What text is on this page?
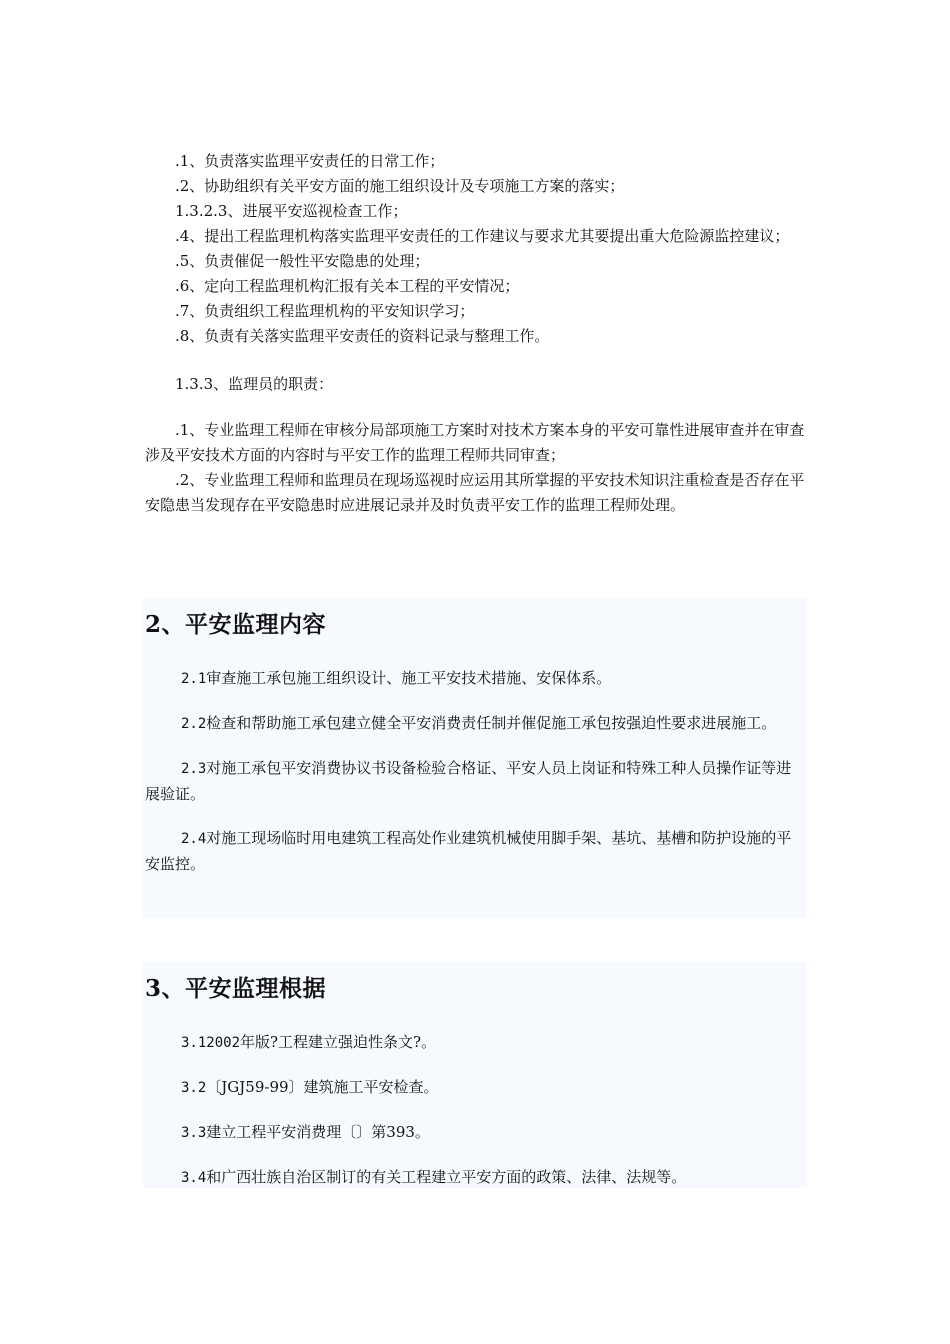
.1、负责落实监理平安责任的日常工作；

.2、协助组织有关平安方面的施工组织设计及专项施工方案的落实；

1.3.2.3、进展平安巡视检查工作；

.4、提出工程监理机构落实监理平安责任的工作建议与要求尤其要提出重大危险源监控建议；

.5、负责催促一般性平安隐患的处理；

.6、定向工程监理机构汇报有关本工程的平安情况；

.7、负责组织工程监理机构的平安知识学习；

.8、负责有关落实监理平安责任的资料记录与整理工作。

1.3.3、监理员的职责：

.1、专业监理工程师在审核分局部项施工方案时对技术方案本身的平安可靠性进展审查并在审查涉及平安技术方面的内容时与平安工作的监理工程师共同审查；

.2、专业监理工程师和监理员在现场巡视时应运用其所掌握的平安技术知识注重检查是否存在平安隐患当发现存在平安隐患时应进展记录并及时负责平安工作的监理工程师处理。

2、平安监理内容

2.1审查施工承包施工组织设计、施工平安技术措施、安保体系。

2.2检查和帮助施工承包建立健全平安消费责任制并催促施工承包按强迫性要求进展施工。

2.3对施工承包平安消费协议书设备检验合格证、平安人员上岗证和特殊工种人员操作证等进展验证。

2.4对施工现场临时用电建筑工程高处作业建筑机械使用脚手架、基坑、基槽和防护设施的平安监控。

3、平安监理根据

3.12002年版?工程建立强迫性条文?。

3.2〔JGJ59-99〕建筑施工平安检查。

3.3建立工程平安消费理〔〕第393。

3.4和广西壮族自治区制订的有关工程建立平安方面的政策、法律、法规等。
